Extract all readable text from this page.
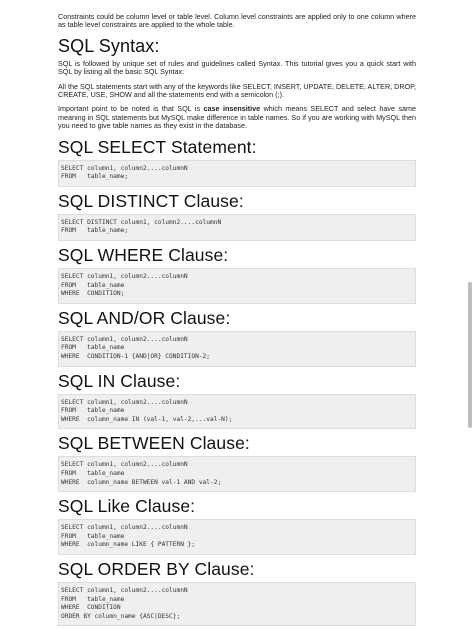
Constraints could be column level or table level. Column level constraints are applied only to one column where as table level constraints are applied to the whole table.

SQL Syntax:

SQL is followed by unique set of rules and guidelines called Syntax. This tutorial gives you a quick start with SQL by listing all the basic SQL Syntax:

All the SQL statements start with any of the keywords like SELECT, INSERT, UPDATE, DELETE, ALTER, DROP, CREATE, USE, SHOW and all the statements end with a semicolon (;).

Important point to be noted is that SQL is case insensitive which means SELECT and select have same meaning in SQL statements but MySQL make difference in table names. So if you are working with MySQL then you need to give table names as they exist in the database.

SQL SELECT Statement:
SELECT column1, column2....columnN
FROM   table_name;
SQL DISTINCT Clause:
SELECT DISTINCT column1, column2....columnN
FROM   table_name;
SQL WHERE Clause:
SELECT column1, column2....columnN
FROM   table_name
WHERE  CONDITION;
SQL AND/OR Clause:
SELECT column1, column2....columnN
FROM   table_name
WHERE  CONDITION-1 {AND|OR} CONDITION-2;
SQL IN Clause:
SELECT column1, column2....columnN
FROM   table_name
WHERE  column_name IN (val-1, val-2,...val-N);
SQL BETWEEN Clause:
SELECT column1, column2....columnN
FROM   table_name
WHERE  column_name BETWEEN val-1 AND val-2;
SQL Like Clause:
SELECT column1, column2....columnN
FROM   table_name
WHERE  column_name LIKE { PATTERN };
SQL ORDER BY Clause:
SELECT column1, column2....columnN
FROM   table_name
WHERE  CONDITION
ORDER BY column_name {ASC|DESC};
